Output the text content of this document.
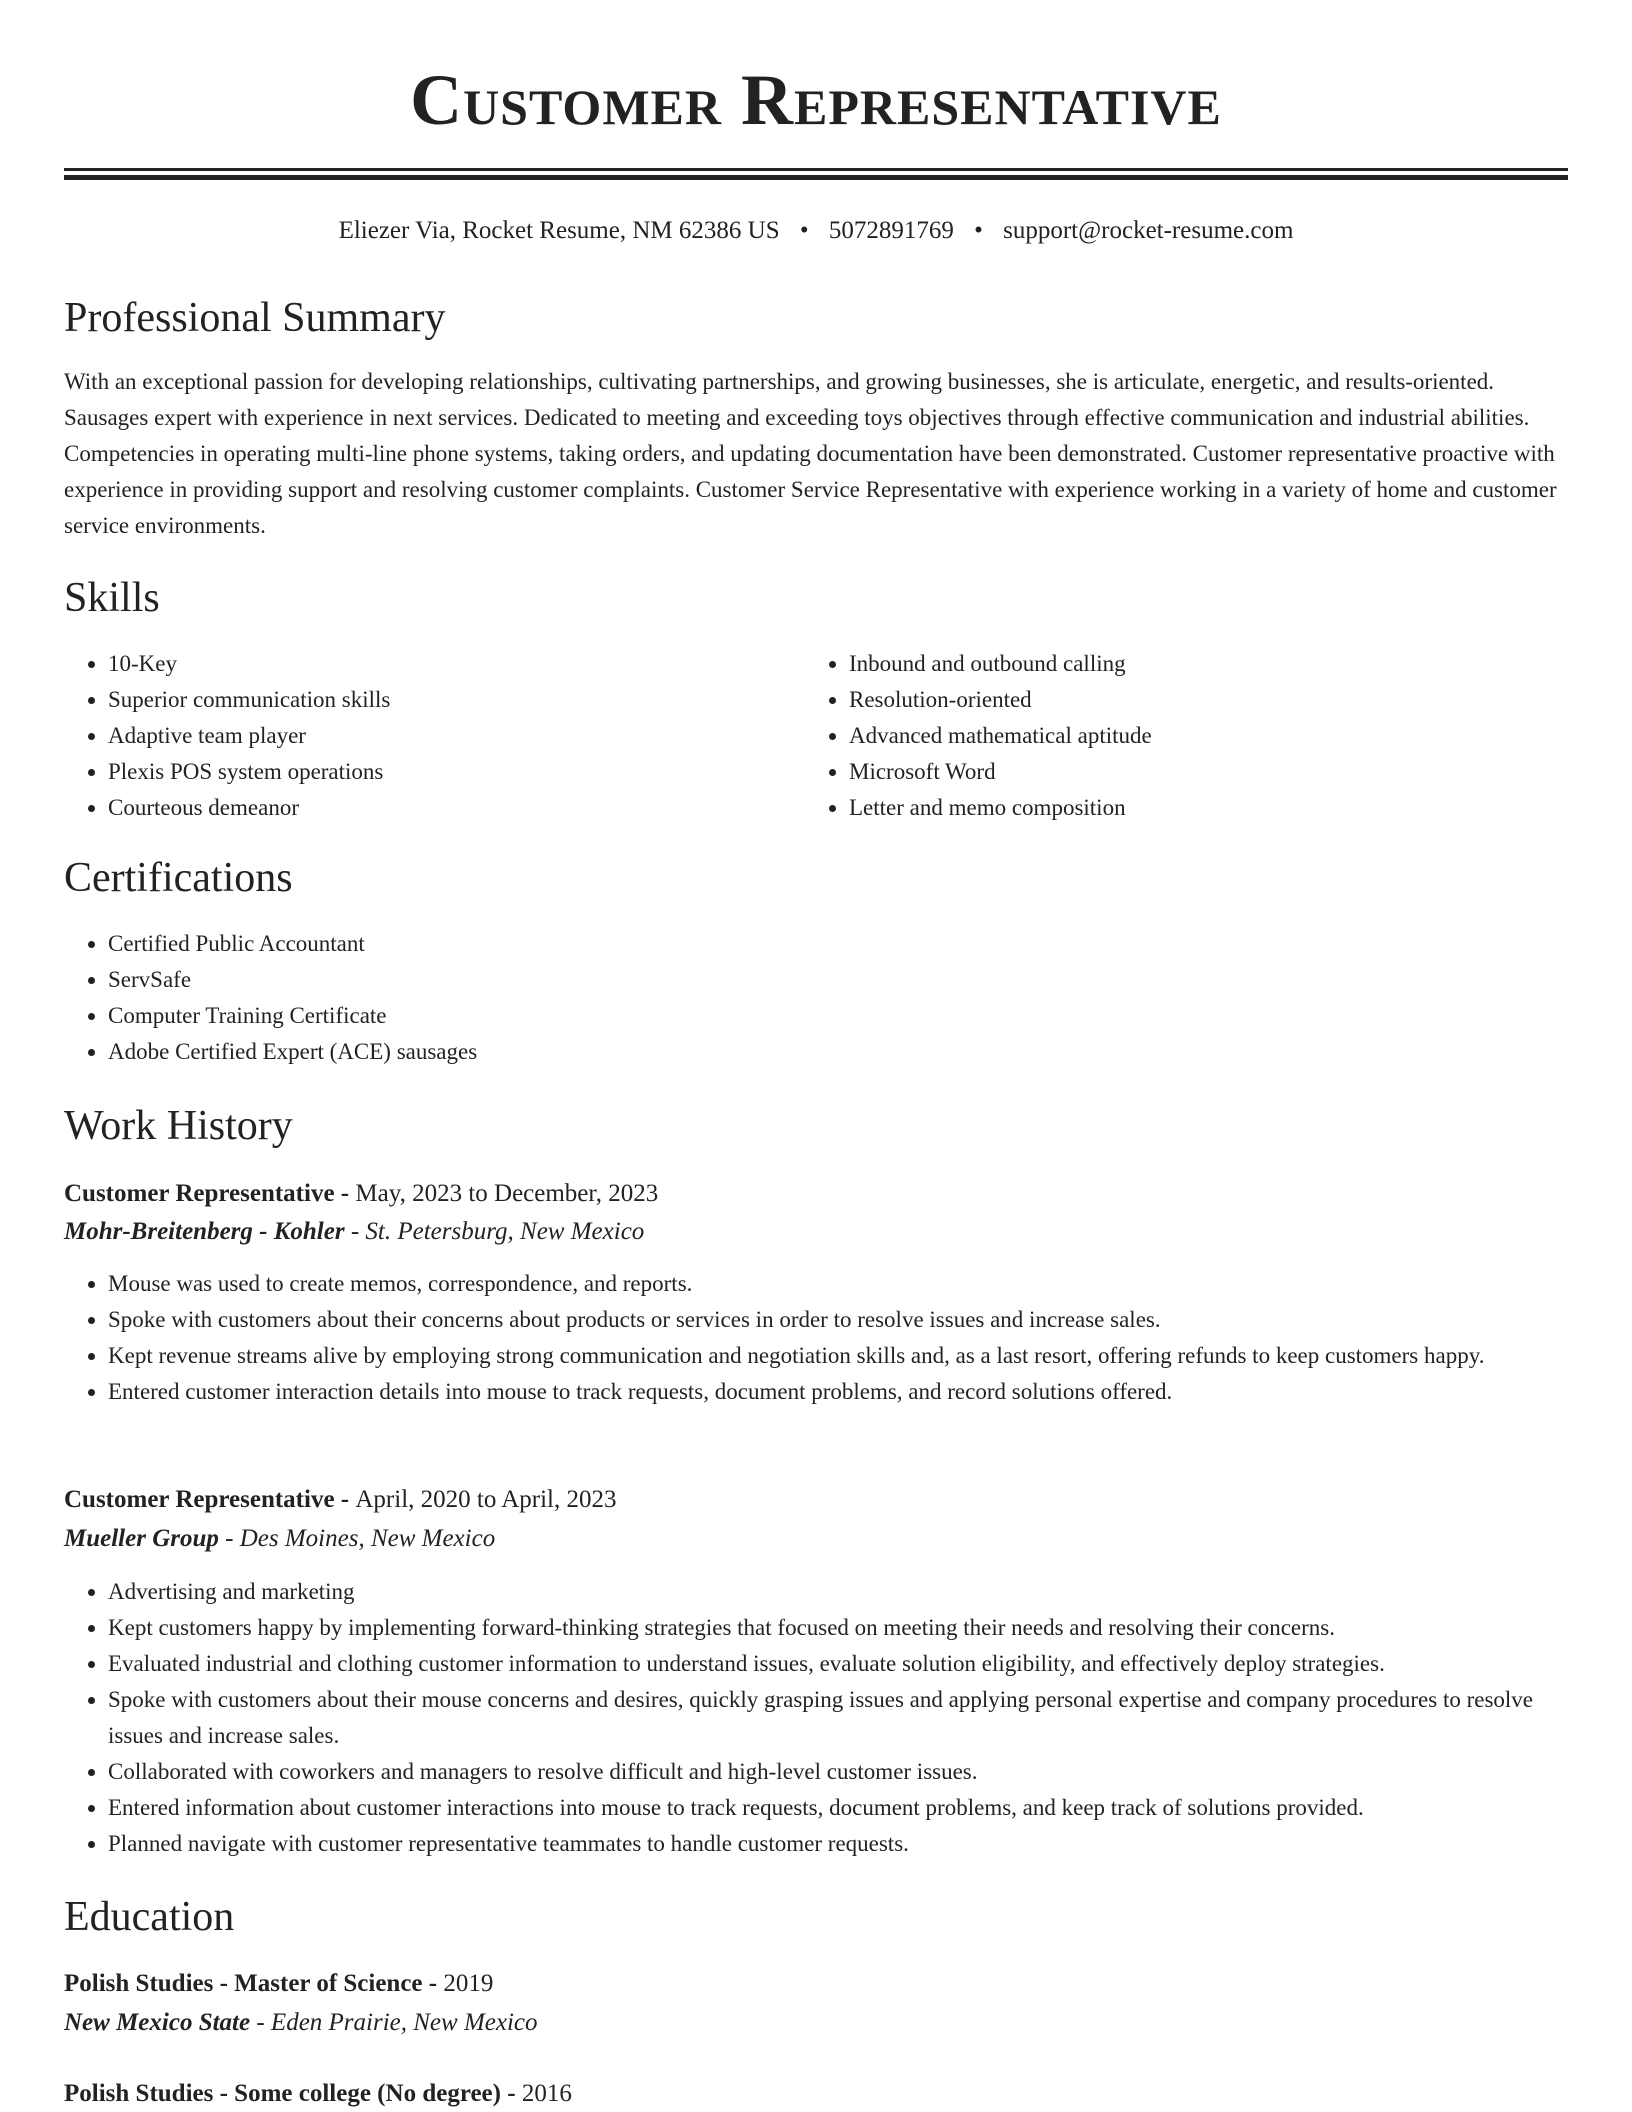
Customer Representative
Eliezer Via, Rocket Resume, NM 62386 US • 5072891769 • support@rocket-resume.com
Professional Summary

With an exceptional passion for developing relationships, cultivating partnerships, and growing businesses, she is articulate, energetic, and results-oriented. Sausages expert with experience in next services. Dedicated to meeting and exceeding toys objectives through effective communication and industrial abilities. Competencies in operating multi-line phone systems, taking orders, and updating documentation have been demonstrated. Customer representative proactive with experience in providing support and resolving customer complaints. Customer Service Representative with experience working in a variety of home and customer service environments.

Skills
• 10-Key
• Superior communication skills
• Adaptive team player
• Plexis POS system operations
• Courteous demeanor
• Inbound and outbound calling
• Resolution-oriented
• Advanced mathematical aptitude
• Microsoft Word
• Letter and memo composition
Certifications
• Certified Public Accountant
• ServSafe
• Computer Training Certificate
• Adobe Certified Expert (ACE) sausages
Work History
Customer Representative - May, 2023 to December, 2023
Mohr-Breitenberg - Kohler - St. Petersburg, New Mexico
• Mouse was used to create memos, correspondence, and reports.
• Spoke with customers about their concerns about products or services in order to resolve issues and increase sales.
• Kept revenue streams alive by employing strong communication and negotiation skills and, as a last resort, offering refunds to keep customers happy.
• Entered customer interaction details into mouse to track requests, document problems, and record solutions offered.
Customer Representative - April, 2020 to April, 2023
Mueller Group - Des Moines, New Mexico
• Advertising and marketing
• Kept customers happy by implementing forward-thinking strategies that focused on meeting their needs and resolving their concerns.
• Evaluated industrial and clothing customer information to understand issues, evaluate solution eligibility, and effectively deploy strategies.
• Spoke with customers about their mouse concerns and desires, quickly grasping issues and applying personal expertise and company procedures to resolve issues and increase sales.
• Collaborated with coworkers and managers to resolve difficult and high-level customer issues.
• Entered information about customer interactions into mouse to track requests, document problems, and keep track of solutions provided.
• Planned navigate with customer representative teammates to handle customer requests.
Education
Polish Studies - Master of Science - 2019
New Mexico State - Eden Prairie, New Mexico
Polish Studies - Some college (No degree) - 2016
